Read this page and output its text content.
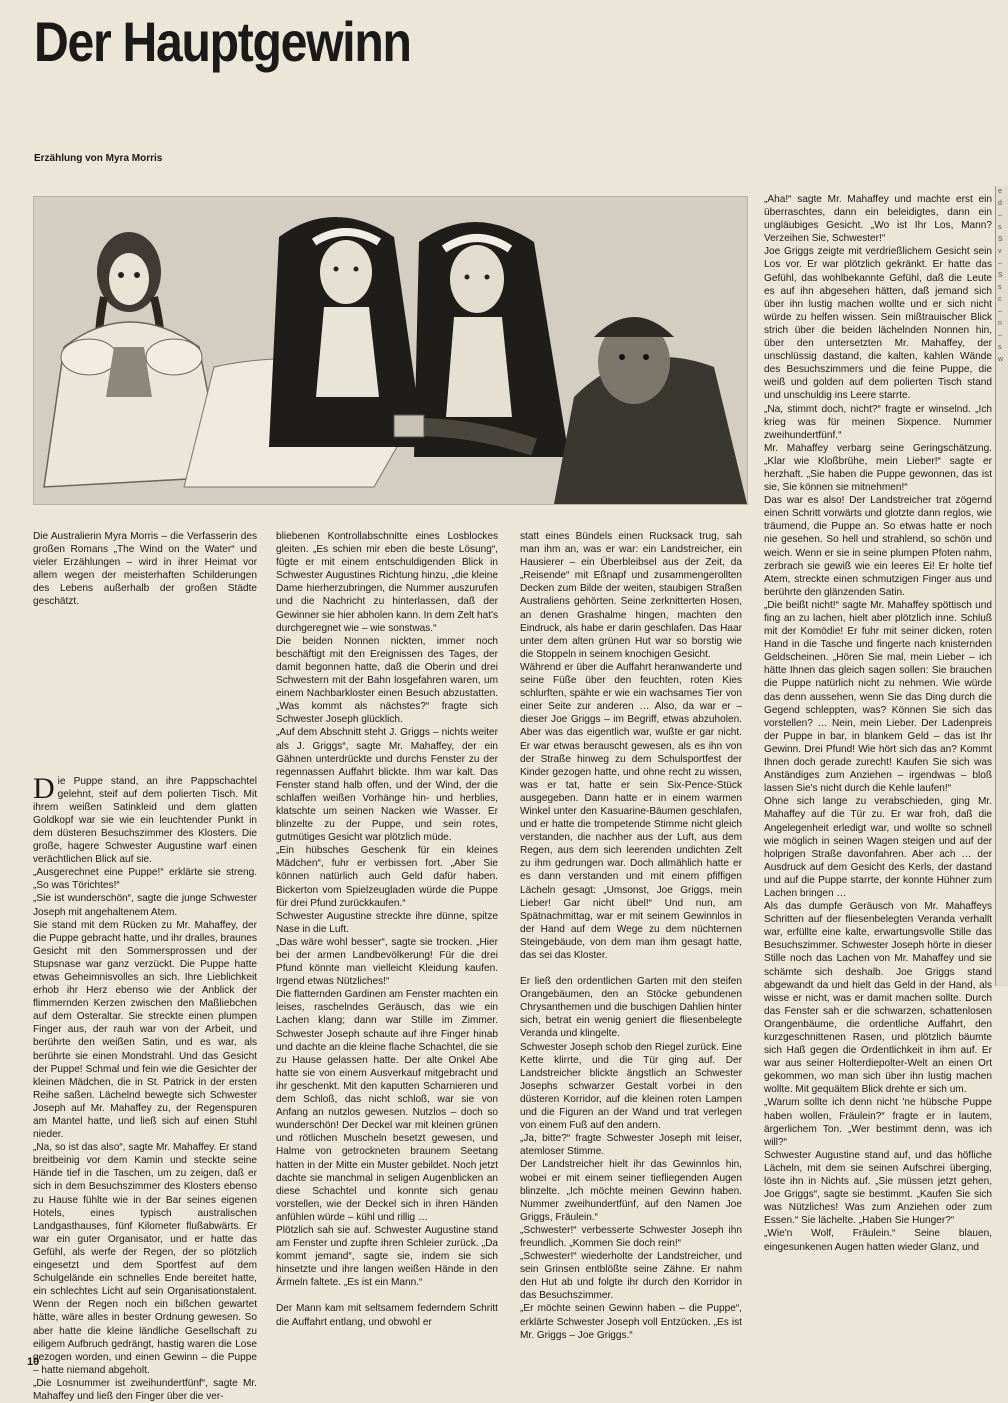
Der Hauptgewinn

Erzählung von Myra Morris

Eug. Zed

Die Australierin Myra Morris – die Verfasserin des großen Romans „The Wind on the Water“ und vieler Erzählungen – wird in ihrer Heimat vor allem wegen der meisterhaften Schilderungen des Lebens außerhalb der großen Städte geschätzt.

Die Puppe stand, an ihre Pappschachtel gelehnt, steif auf dem polierten Tisch. Mit ihrem weißen Satinkleid und dem glatten Goldkopf war sie wie ein leuchtender Punkt in dem düsteren Besuchszimmer des Klosters. Die große, hagere Schwester Augustine warf einen verächtlichen Blick auf sie.

„Ausgerechnet eine Puppe!“ erklärte sie streng. „So was Törichtes!“

„Sie ist wunderschön“, sagte die junge Schwester Joseph mit angehaltenem Atem.

Sie stand mit dem Rücken zu Mr. Mahaffey, der die Puppe gebracht hatte, und ihr dralles, braunes Gesicht mit den Sommersprossen und der Stupsnase war ganz verzückt. Die Puppe hatte etwas Geheimnisvolles an sich. Ihre Lieblichkeit erhob ihr Herz ebenso wie der Anblick der flimmernden Kerzen zwischen den Maßliebchen auf dem Osteraltar. Sie streckte einen plumpen Finger aus, der rauh war von der Arbeit, und berührte den weißen Satin, und es war, als berührte sie einen Mondstrahl. Und das Gesicht der Puppe! Schmal und fein wie die Gesichter der kleinen Mädchen, die in St. Patrick in der ersten Reihe saßen. Lächelnd bewegte sich Schwester Joseph auf Mr. Mahaffey zu, der Regenspuren am Mantel hatte, und ließ sich auf einen Stuhl nieder.

„Na, so ist das also“, sagte Mr. Mahaffey. Er stand breitbeinig vor dem Kamin und steckte seine Hände tief in die Taschen, um zu zeigen, daß er sich in dem Besuchszimmer des Klosters ebenso zu Hause fühlte wie in der Bar seines eigenen Hotels, eines typisch australischen Landgasthauses, fünf Kilometer flußabwärts. Er war ein guter Organisator, und er hatte das Gefühl, als werfe der Regen, der so plötzlich eingesetzt und dem Sportfest auf dem Schulgelände ein schnelles Ende bereitet hatte, ein schlechtes Licht auf sein Organisationstalent. Wenn der Regen noch ein bißchen gewartet hätte, wäre alles in bester Ordnung gewesen. So aber hatte die kleine ländliche Gesellschaft zu eiligem Aufbruch gedrängt, hastig waren die Lose gezogen worden, und einen Gewinn – die Puppe – hatte niemand abgeholt.

„Die Losnummer ist zweihundertfünf“, sagte Mr. Mahaffey und ließ den Finger über die ver-

bliebenen Kontrollabschnitte eines Losblockes gleiten. „Es schien mir eben die beste Lösung“, fügte er mit einem entschuldigenden Blick in Schwester Augustines Richtung hinzu, „die kleine Dame hierherzubringen, die Nummer auszurufen und die Nachricht zu hinterlassen, daß der Gewinner sie hier abholen kann. In dem Zelt hat's durchgeregnet wie – wie sonstwas.“

Die beiden Nonnen nickten, immer noch beschäftigt mit den Ereignissen des Tages, der damit begonnen hatte, daß die Oberin und drei Schwestern mit der Bahn losgefahren waren, um einem Nachbarkloster einen Besuch abzustatten. „Was kommt als nächstes?“ fragte sich Schwester Joseph glücklich.

„Auf dem Abschnitt steht J. Griggs – nichts weiter als J. Griggs“, sagte Mr. Mahaffey, der ein Gähnen unterdrückte und durchs Fenster zu der regennassen Auffahrt blickte. Ihm war kalt. Das Fenster stand halb offen, und der Wind, der die schlaffen weißen Vorhänge hin- und herblies, klatschte um seinen Nacken wie Wasser. Er blinzelte zu der Puppe, und sein rotes, gutmütiges Gesicht war plötzlich müde.

„Ein hübsches Geschenk für ein kleines Mädchen“, fuhr er verbissen fort. „Aber Sie können natürlich auch Geld dafür haben. Bickerton vom Spielzeugladen würde die Puppe für drei Pfund zurückkaufen.“

Schwester Augustine streckte ihre dünne, spitze Nase in die Luft.

„Das wäre wohl besser“, sagte sie trocken. „Hier bei der armen Landbevölkerung! Für die drei Pfund könnte man vielleicht Kleidung kaufen. Irgend etwas Nützliches!“

Die flatternden Gardinen am Fenster machten ein leises, raschelndes Geräusch, das wie ein Lachen klang; dann war Stille im Zimmer. Schwester Joseph schaute auf ihre Finger hinab und dachte an die kleine flache Schachtel, die sie zu Hause gelassen hatte. Der alte Onkel Abe hatte sie von einem Ausverkauf mitgebracht und ihr geschenkt. Mit den kaputten Scharnieren und dem Schloß, das nicht schloß, war sie von Anfang an nutzlos gewesen. Nutzlos – doch so wunderschön! Der Deckel war mit kleinen grünen und rötlichen Muscheln besetzt gewesen, und Halme von getrockneten braunem Seetang hatten in der Mitte ein Muster gebildet. Noch jetzt dachte sie manchmal in seligen Augenblicken an diese Schachtel und konnte sich genau vorstellen, wie der Deckel sich in ihren Händen anfühlen würde – kühl und rillig …

Plötzlich sah sie auf. Schwester Augustine stand am Fenster und zupfte ihren Schleier zurück. „Da kommt jemand“, sagte sie, indem sie sich hinsetzte und ihre langen weißen Hände in den Ärmeln faltete. „Es ist ein Mann.“

Der Mann kam mit seltsamem federndem Schritt die Auffahrt entlang, und obwohl er

statt eines Bündels einen Rucksack trug, sah man ihm an, was er war: ein Landstreicher, ein Hausierer – ein Überbleibsel aus der Zeit, da „Reisende“ mit Eßnapf und zusammengerollten Decken zum Bilde der weiten, staubigen Straßen Australiens gehörten. Seine zerknitterten Hosen, an denen Grashalme hingen, machten den Eindruck, als habe er darin geschlafen. Das Haar unter dem alten grünen Hut war so borstig wie die Stoppeln in seinem knochigen Gesicht.

Während er über die Auffahrt heranwanderte und seine Füße über den feuchten, roten Kies schlurften, spähte er wie ein wachsames Tier von einer Seite zur anderen … Also, da war er – dieser Joe Griggs – im Begriff, etwas abzuholen. Aber was das eigentlich war, wußte er gar nicht. Er war etwas berauscht gewesen, als es ihn von der Straße hinweg zu dem Schulsportfest der Kinder gezogen hatte, und ohne recht zu wissen, was er tat, hatte er sein Six-Pence-Stück ausgegeben. Dann hatte er in einem warmen Winkel unter den Kasuarine-Bäumen geschlafen, und er hatte die trompetende Stimme nicht gleich verstanden, die nachher aus der Luft, aus dem Regen, aus dem sich leerenden undichten Zelt zu ihm gedrungen war. Doch allmählich hatte er es dann verstanden und mit einem pfiffigen Lächeln gesagt: „Umsonst, Joe Griggs, mein Lieber! Gar nicht übel!“ Und nun, am Spätnachmittag, war er mit seinem Gewinnlos in der Hand auf dem Wege zu dem nüchternen Steingebäude, von dem man ihm gesagt hatte, das sei das Kloster.

Er ließ den ordentlichen Garten mit den steifen Orangebäumen, den an Stöcke gebundenen Chrysanthemen und die buschigen Dahlien hinter sich, betrat ein wenig geniert die fliesenbelegte Veranda und klingelte.

Schwester Joseph schob den Riegel zurück. Eine Kette klirrte, und die Tür ging auf. Der Landstreicher blickte ängstlich an Schwester Josephs schwarzer Gestalt vorbei in den düsteren Korridor, auf die kleinen roten Lampen und die Figuren an der Wand und trat verlegen von einem Fuß auf den andern.

„Ja, bitte?“ fragte Schwester Joseph mit leiser, atemloser Stimme.

Der Landstreicher hielt ihr das Gewinnlos hin, wobei er mit einem seiner tiefliegenden Augen blinzelte. „Ich möchte meinen Gewinn haben. Nummer zweihundertfünf, auf den Namen Joe Griggs, Fräulein.“

„Schwester!“ verbesserte Schwester Joseph ihn freundlich. „Kommen Sie doch rein!“

„Schwester!“ wiederholte der Landstreicher, und sein Grinsen entblößte seine Zähne. Er nahm den Hut ab und folgte ihr durch den Korridor in das Besuchszimmer.

„Er möchte seinen Gewinn haben – die Puppe“, erklärte Schwester Joseph voll Entzücken. „Es ist Mr. Griggs – Joe Griggs.“

„Aha!“ sagte Mr. Mahaffey und machte erst ein überraschtes, dann ein beleidigtes, dann ein ungläubiges Gesicht. „Wo ist Ihr Los, Mann? Verzeihen Sie, Schwester!“

Joe Griggs zeigte mit verdrießlichem Gesicht sein Los vor. Er war plötzlich gekränkt. Er hatte das Gefühl, das wohlbekannte Gefühl, daß die Leute es auf ihn abgesehen hätten, daß jemand sich über ihn lustig machen wollte und er sich nicht würde zu helfen wissen. Sein mißtrauischer Blick strich über die beiden lächelnden Nonnen hin, über den untersetzten Mr. Mahaffey, der unschlüssig dastand, die kalten, kahlen Wände des Besuchszimmers und die feine Puppe, die weiß und golden auf dem polierten Tisch stand und unschuldig ins Leere starrte.

„Na, stimmt doch, nicht?“ fragte er winselnd. „Ich krieg was für meinen Sixpence. Nummer zweihundertfünf.“

Mr. Mahaffey verbarg seine Geringschätzung. „Klar wie Kloßbrühe, mein Lieber!“ sagte er herzhaft. „Sie haben die Puppe gewonnen, das ist sie, Sie können sie mitnehmen!“

Das war es also! Der Landstreicher trat zögernd einen Schritt vorwärts und glotzte dann reglos, wie träumend, die Puppe an. So etwas hatte er noch nie gesehen. So hell und strahlend, so schön und weich. Wenn er sie in seine plumpen Pfoten nahm, zerbrach sie gewiß wie ein leeres Ei! Er holte tief Atem, streckte einen schmutzigen Finger aus und berührte den glänzenden Satin.

„Die beißt nicht!“ sagte Mr. Mahaffey spöttisch und fing an zu lachen, hielt aber plötzlich inne. Schluß mit der Komödie! Er fuhr mit seiner dicken, roten Hand in die Tasche und fingerte nach knisternden Geldscheinen. „Hören Sie mal, mein Lieber – ich hätte Ihnen das gleich sagen sollen: Sie brauchen die Puppe natürlich nicht zu nehmen. Wie würde das denn aussehen, wenn Sie das Ding durch die Gegend schleppten, was? Können Sie sich das vorstellen? … Nein, mein Lieber. Der Ladenpreis der Puppe in bar, in blankem Geld – das ist Ihr Gewinn. Drei Pfund! Wie hört sich das an? Kommt Ihnen doch gerade zurecht! Kaufen Sie sich was Anständiges zum Anziehen – irgendwas – bloß lassen Sie's nicht durch die Kehle laufen!“

Ohne sich lange zu verabschieden, ging Mr. Mahaffey auf die Tür zu. Er war froh, daß die Angelegenheit erledigt war, und wollte so schnell wie möglich in seinen Wagen steigen und auf der holprigen Straße davonfahren. Aber ach … der Ausdruck auf dem Gesicht des Kerls, der dastand und auf die Puppe starrte, der konnte Hühner zum Lachen bringen …

Als das dumpfe Geräusch von Mr. Mahaffeys Schritten auf der fliesenbelegten Veranda verhallt war, erfüllte eine kalte, erwartungsvolle Stille das Besuchszimmer. Schwester Joseph hörte in dieser Stille noch das Lachen von Mr. Mahaffey und sie schämte sich deshalb. Joe Griggs stand abgewandt da und hielt das Geld in der Hand, als wisse er nicht, was er damit machen sollte. Durch das Fenster sah er die schwarzen, schattenlosen Orangenbäume, die ordentliche Auffahrt, den kurzgeschnittenen Rasen, und plötzlich bäumte sich Haß gegen die Ordentlichkeit in ihm auf. Er war aus seiner Holterdiepolter-Welt an einen Ort gekommen, wo man sich über ihn lustig machen wollte. Mit gequältem Blick drehte er sich um.

„Warum sollte ich denn nicht 'ne hübsche Puppe haben wollen, Fräulein?“ fragte er in lautem, ärgerlichem Ton. „Wer bestimmt denn, was ich will?“

Schwester Augustine stand auf, und das höfliche Lächeln, mit dem sie seinen Aufschrei überging, löste ihn in Nichts auf. „Sie müssen jetzt gehen, Joe Griggs“, sagte sie bestimmt. „Kaufen Sie sich was Nützliches! Was zum Anziehen oder zum Essen.“ Sie lächelte. „Haben Sie Hunger?“

„Wie'n Wolf, Fräulein.“ Seine blauen, eingesunkenen Augen hatten wieder Glanz, und

10
e
d
–
s
S
v
–
S
s
c
–
n
–
s
w
